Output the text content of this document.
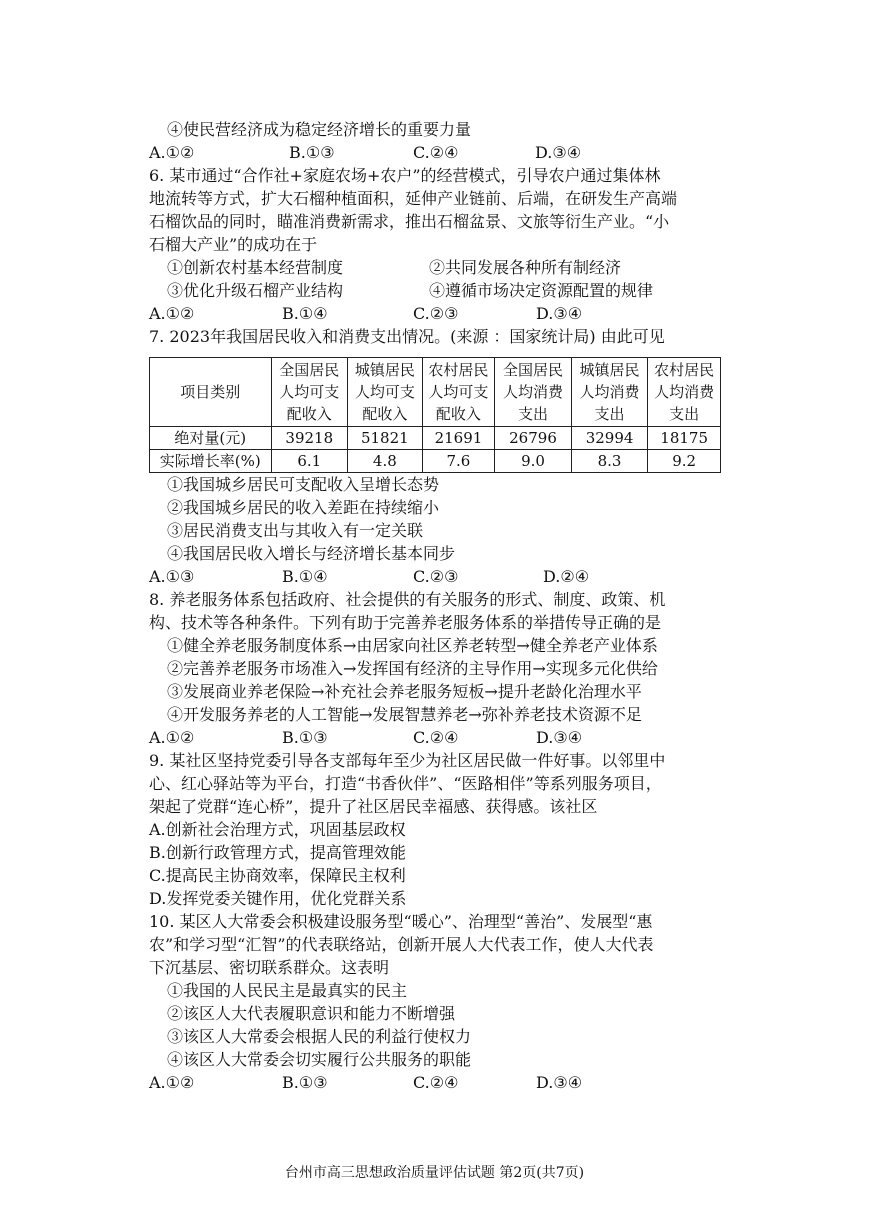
④使民营经济成为稳定经济增长的重要力量
A.①②	B.①③	C.②④	D.③④
6. 某市通过“合作社+家庭农场+农户”的经营模式，引导农户通过集体林
地流转等方式，扩大石榴种植面积，延伸产业链前、后端，在研发生产高端
石榴饮品的同时，瞄准消费新需求，推出石榴盆景、文旅等衍生产业。“小
石榴大产业”的成功在于
①创新农村基本经营制度	②共同发展各种所有制经济
③优化升级石榴产业结构	④遵循市场决定资源配置的规律
A.①②	B.①④	C.②③	D.③④
7. 2023年我国居民收入和消费支出情况。(来源 ：国家统计局) 由此可见
项目类别	全国居民
人均可支
配收入	城镇居民
人均可支
配收入	农村居民
人均可支
配收入	全国居民
人均消费
支出	城镇居民
人均消费
支出	农村居民
人均消费
支出
绝对量(元)	39218	51821	21691	26796	32994	18175
实际增长率(%)	6.1	4.8	7.6	9.0	8.3	9.2
①我国城乡居民可支配收入呈增长态势
②我国城乡居民的收入差距在持续缩小
③居民消费支出与其收入有一定关联
④我国居民收入增长与经济增长基本同步
A.①③	B.①④	C.②③	D.②④
8. 养老服务体系包括政府、社会提供的有关服务的形式、制度、政策、机
构、技术等各种条件。下列有助于完善养老服务体系的举措传导正确的是
①健全养老服务制度体系→由居家向社区养老转型→健全养老产业体系
②完善养老服务市场准入→发挥国有经济的主导作用→实现多元化供给
③发展商业养老保险→补充社会养老服务短板→提升老龄化治理水平
④开发服务养老的人工智能→发展智慧养老→弥补养老技术资源不足
A.①②	B.①③	C.②④	D.③④
9. 某社区坚持党委引导各支部每年至少为社区居民做一件好事。以邻里中
心、红心驿站等为平台，打造“书香伙伴”、“医路相伴”等系列服务项目，
架起了党群“连心桥”，提升了社区居民幸福感、获得感。该社区
A.创新社会治理方式，巩固基层政权
B.创新行政管理方式，提高管理效能
C.提高民主协商效率，保障民主权利
D.发挥党委关键作用，优化党群关系
10. 某区人大常委会积极建设服务型“暖心”、治理型“善治”、发展型“惠
农”和学习型“汇智”的代表联络站，创新开展人大代表工作，使人大代表
下沉基层、密切联系群众。这表明
①我国的人民民主是最真实的民主
②该区人大代表履职意识和能力不断增强
③该区人大常委会根据人民的利益行使权力
④该区人大常委会切实履行公共服务的职能
A.①②	B.①③	C.②④	D.③④
台州市高三思想政治质量评估试题 第2页(共7页)
